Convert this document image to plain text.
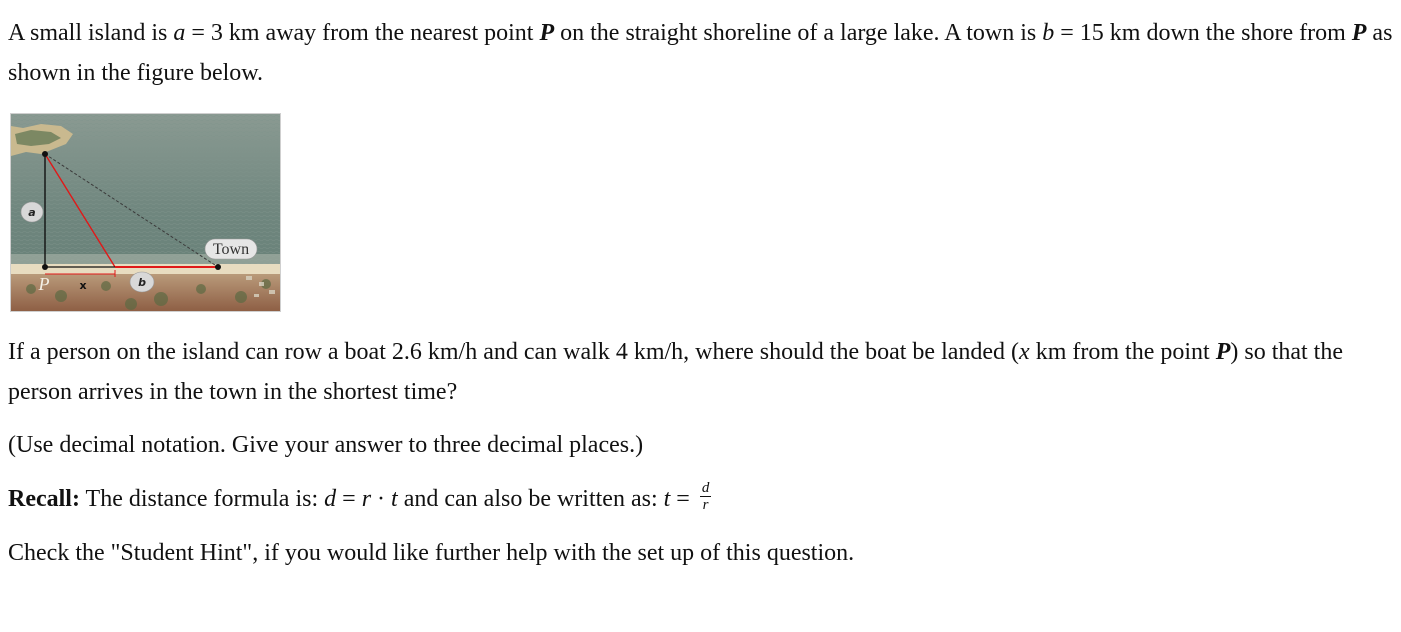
A small island is a = 3 km away from the nearest point P on the straight shoreline of a large lake. A town is b = 15 km down the shore from P as shown in the figure below.
a
Town
P	x	b
If a person on the island can row a boat 2.6 km/h and can walk 4 km/h, where should the boat be landed (x km from the point P) so that the person arrives in the town in the shortest time?
(Use decimal notation. Give your answer to three decimal places.)
Recall: The distance formula is: d = r · t and can also be written as: $t = \frac{d}{r}$
Check the "Student Hint", if you would like further help with the set up of this question.
